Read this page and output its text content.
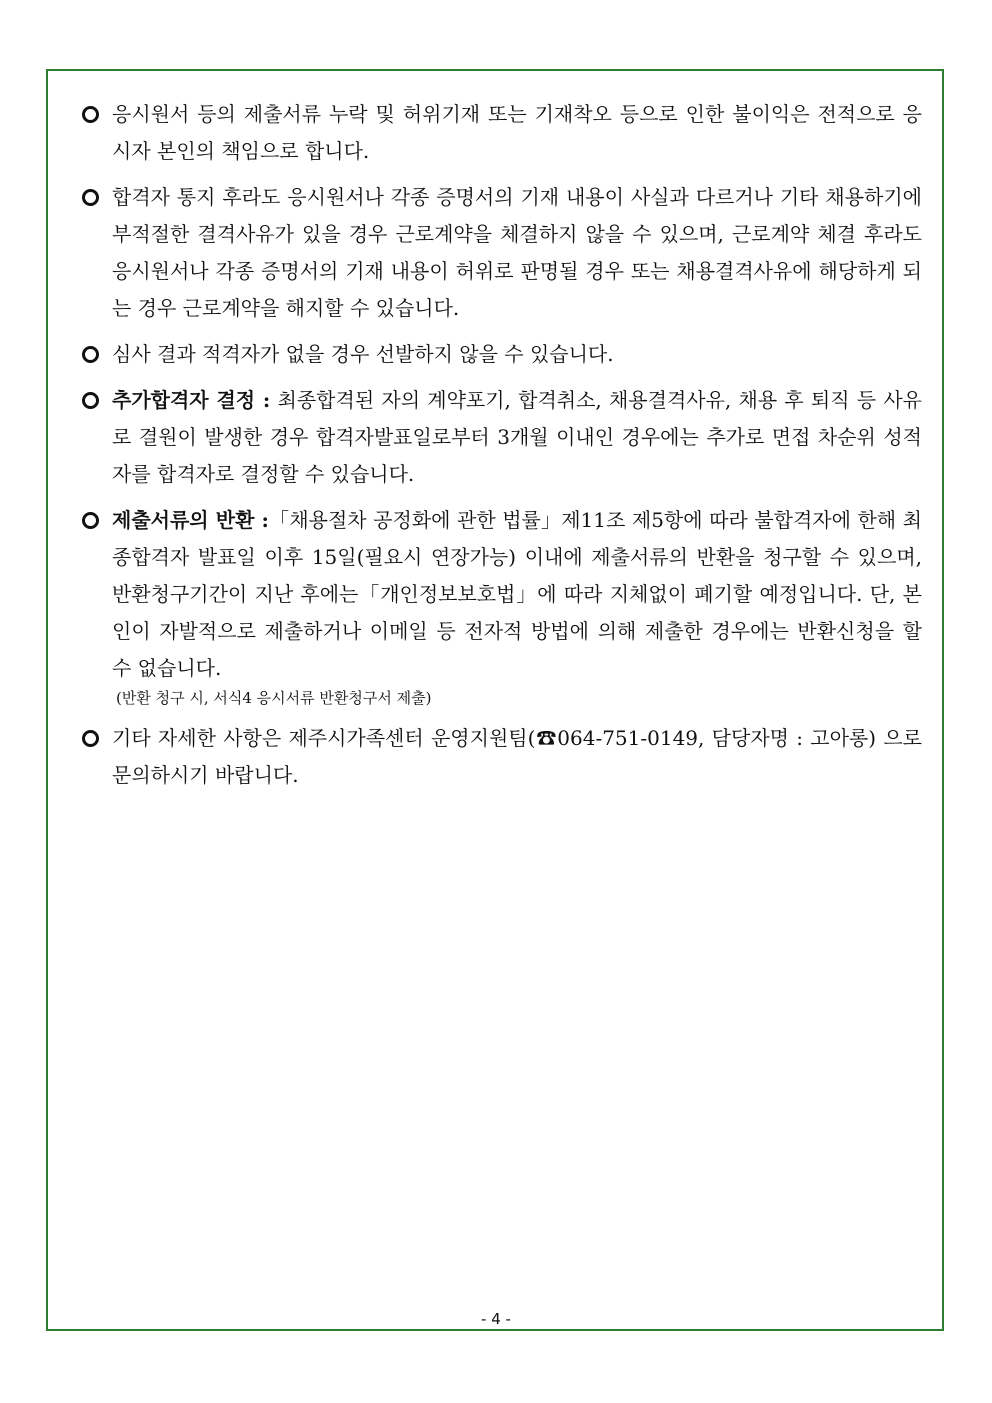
응시원서 등의 제출서류 누락 및 허위기재 또는 기재착오 등으로 인한 불이익은 전적으로 응시자 본인의 책임으로 합니다.
합격자 통지 후라도 응시원서나 각종 증명서의 기재 내용이 사실과 다르거나 기타 채용하기에 부적절한 결격사유가 있을 경우 근로계약을 체결하지 않을 수 있으며, 근로계약 체결 후라도 응시원서나 각종 증명서의 기재 내용이 허위로 판명될 경우 또는 채용결격사유에 해당하게 되는 경우 근로계약을 해지할 수 있습니다.
심사 결과 적격자가 없을 경우 선발하지 않을 수 있습니다.
추가합격자 결정 : 최종합격된 자의 계약포기, 합격취소, 채용결격사유, 채용 후 퇴직 등 사유로 결원이 발생한 경우 합격자발표일로부터 3개월 이내인 경우에는 추가로 면접 차순위 성적자를 합격자로 결정할 수 있습니다.
제출서류의 반환 :「채용절차 공정화에 관한 법률」제11조 제5항에 따라 불합격자에 한해 최종합격자 발표일 이후 15일(필요시 연장가능) 이내에 제출서류의 반환을 청구할 수 있으며, 반환청구기간이 지난 후에는「개인정보보호법」에 따라 지체없이 폐기할 예정입니다. 단, 본인이 자발적으로 제출하거나 이메일 등 전자적 방법에 의해 제출한 경우에는 반환신청을 할 수 없습니다.
(반환 청구 시, 서식4 응시서류 반환청구서 제출)
기타 자세한 사항은 제주시가족센터 운영지원팀(☎064-751-0149, 담당자명 : 고아롱) 으로 문의하시기 바랍니다.
- 4 -
